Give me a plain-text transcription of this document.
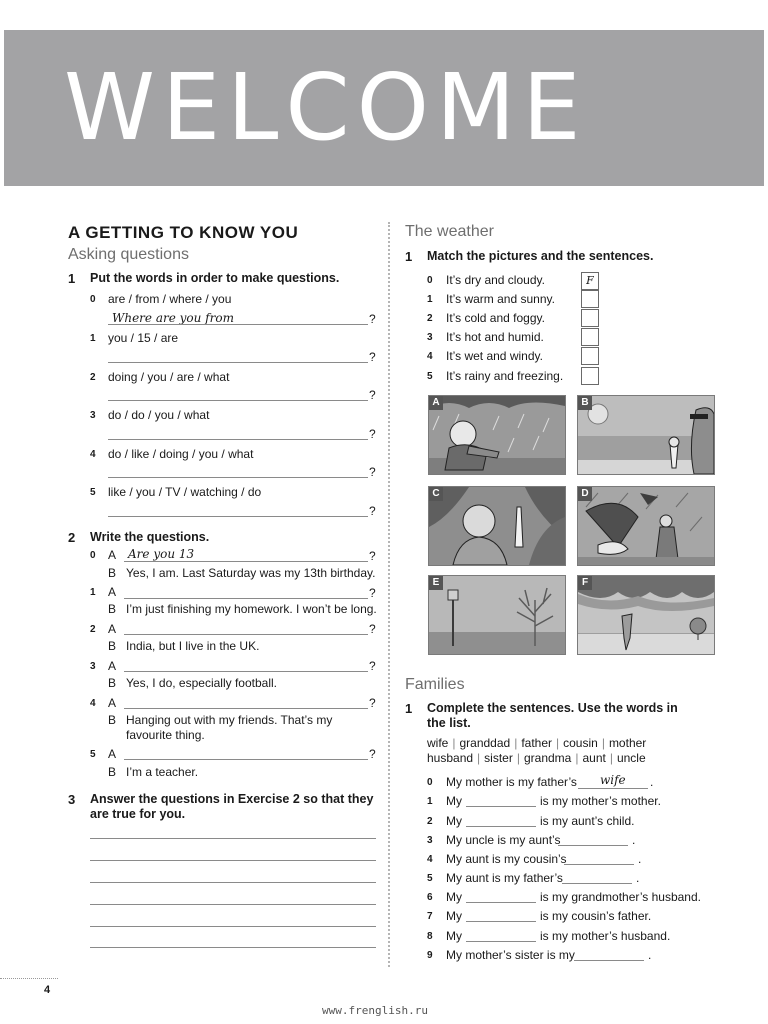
WELCOME
A GETTING TO KNOW YOU
Asking questions
1 Put the words in order to make questions.
0 are / from / where / you
Where are you from	?
1 you / 15 / are
?
2 doing / you / are / what
?
3 do / do / you / what
?
4 do / like / doing / you / what
?
5 like / you / TV / watching / do
?
2 Write the questions.
0 A Are you 13	?
B Yes, I am. Last Saturday was my 13th birthday.
1 A	?
B I’m just finishing my homework. I won’t be long.
2 A	?
B India, but I live in the UK.
3 A	?
B Yes, I do, especially football.
4 A	?
B Hanging out with my friends. That’s my
favourite thing.
5 A	?
B I’m a teacher.
3 Answer the questions in Exercise 2 so that they
are true for you.
The weather
1 Match the pictures and the sentences.
0 It’s dry and cloudy.	F
1 It’s warm and sunny.
2 It’s cold and foggy.
3 It’s hot and humid.
4 It’s wet and windy.
5 It’s rainy and freezing.
A	B
C	D
E	F
Families
1 Complete the sentences. Use the words in
the list.
wife | granddad | father | cousin | mother
husband | sister | grandma | aunt | uncle
0 My mother is my father’s wife .
1 My	is my mother’s mother.
2 My	is my aunt’s child.
3 My uncle is my aunt’s	.
4 My aunt is my cousin’s	.
5 My aunt is my father’s	.
6 My	is my grandmother’s husband.
7 My	is my cousin’s father.
8 My	is my mother’s husband.
9 My mother’s sister is my	.
4
www.frenglish.ru
